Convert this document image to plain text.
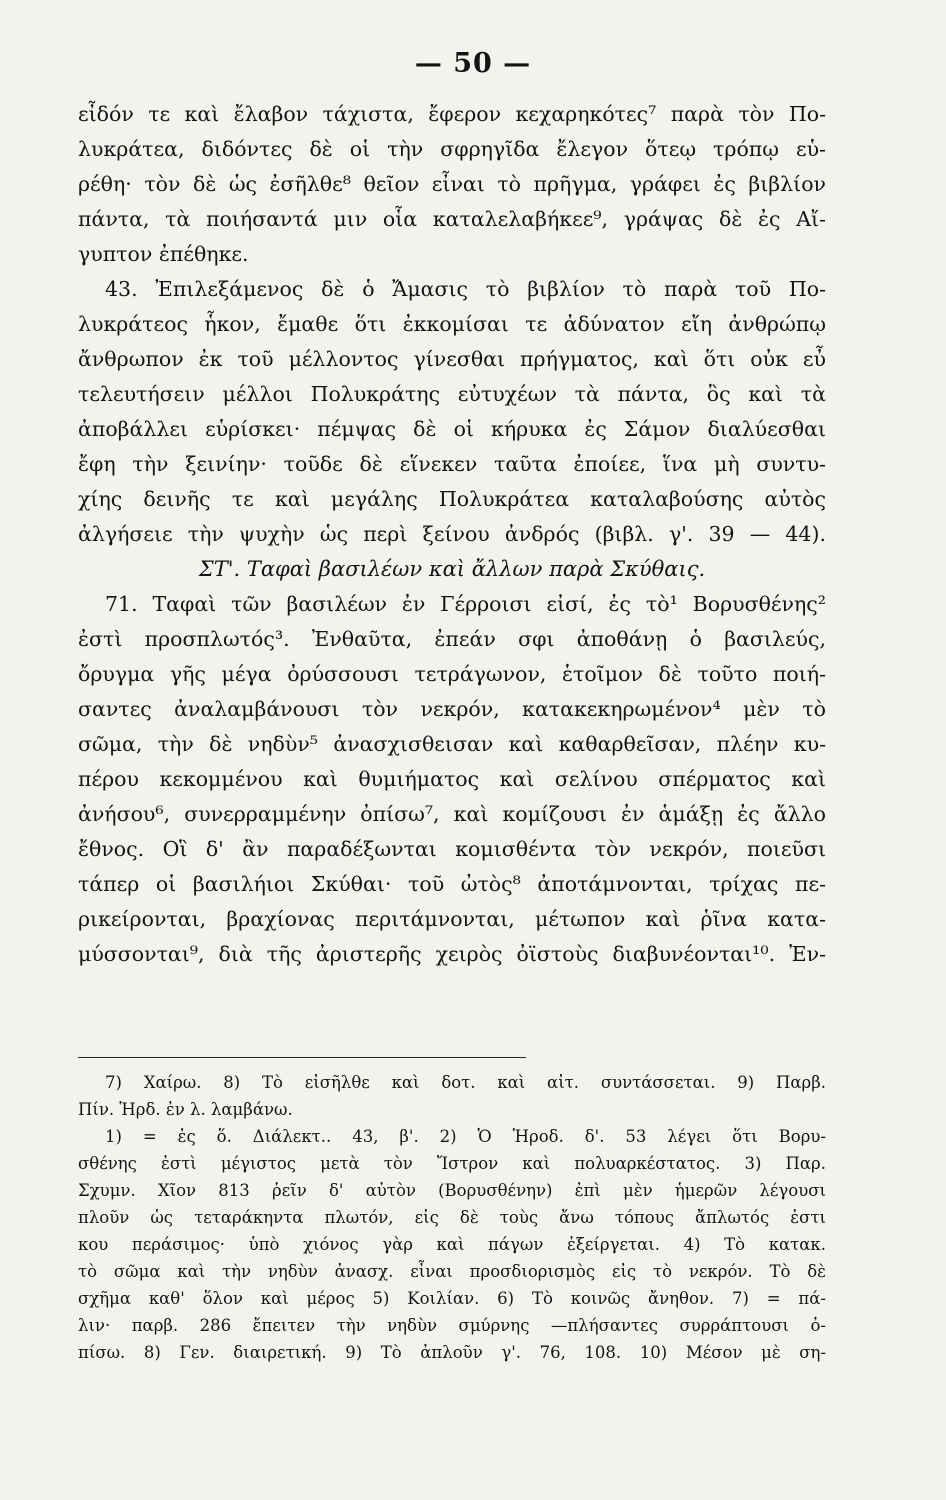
— 50 —
εἶδόν τε καὶ ἔλαβον τάχιστα, ἔφερον κεχαρηκότες⁷ παρὰ τὸν Πο-
λυκράτεα, διδόντες δὲ οἱ τὴν σφρηγῖδα ἔλεγον ὅτεῳ τρόπῳ εὑ-
ρέθη· τὸν δὲ ὡς ἐσῆλθε⁸ θεῖον εἶναι τὸ πρῆγμα, γράφει ἐς βιβλίον
πάντα, τὰ ποιήσαντά μιν οἷα καταλελαβήκεε⁹, γράψας δὲ ἐς Αἴ-
γυπτον ἐπέθηκε.
43. Ἐπιλεξάμενος δὲ ὁ Ἄμασις τὸ βιβλίον τὸ παρὰ τοῦ Πο-
λυκράτεος ἧκον, ἔμαθε ὅτι ἐκκομίσαι τε ἀδύνατον εἴη ἀνθρώπῳ
ἄνθρωπον ἐκ τοῦ μέλλοντος γίνεσθαι πρήγματος, καὶ ὅτι οὐκ εὖ
τελευτήσειν μέλλοι Πολυκράτης εὐτυχέων τὰ πάντα, ὃς καὶ τὰ
ἀποβάλλει εὑρίσκει· πέμψας δὲ οἱ κήρυκα ἐς Σάμον διαλύεσθαι
ἔφη τὴν ξεινίην· τοῦδε δὲ εἵνεκεν ταῦτα ἐποίεε, ἵνα μὴ συντυ-
χίης δεινῆς τε καὶ μεγάλης Πολυκράτεα καταλαβούσης αὐτὸς
ἀλγήσειε τὴν ψυχὴν ὡς περὶ ξείνου ἀνδρός (βιβλ. γ'. 39 — 44).
ΣΤ'. Ταφαὶ βασιλέων καὶ ἄλλων παρὰ Σκύθαις.
71. Ταφαὶ τῶν βασιλέων ἐν Γέρροισι εἰσί, ἐς τὸ¹ Βορυσθένης²
ἐστὶ προσπλωτός³. Ἐνθαῦτα, ἐπεάν σφι ἀποθάνῃ ὁ βασιλεύς,
ὄρυγμα γῆς μέγα ὀρύσσουσι τετράγωνον, ἑτοῖμον δὲ τοῦτο ποιή-
σαντες ἀναλαμβάνουσι τὸν νεκρόν, κατακεκηρωμένον⁴ μὲν τὸ
σῶμα, τὴν δὲ νηδὺν⁵ ἀνασχισθεισαν καὶ καθαρθεῖσαν, πλέην κυ-
πέρου κεκομμένου καὶ θυμιήματος καὶ σελίνου σπέρματος καὶ
ἀνήσου⁶, συνερραμμένην ὀπίσω⁷, καὶ κομίζουσι ἐν ἁμάξῃ ἐς ἄλλο
ἔθνος. Οἳ δ' ἂν παραδέξωνται κομισθέντα τὸν νεκρόν, ποιεῦσι
τάπερ οἱ βασιλήιοι Σκύθαι· τοῦ ὠτὸς⁸ ἀποτάμνονται, τρίχας πε-
ρικείρονται, βραχίονας περιτάμνονται, μέτωπον καὶ ῥῖνα κατα-
μύσσονται⁹, διὰ τῆς ἀριστερῆς χειρὸς ὀϊστοὺς διαβυνέονται¹⁰. Ἐν-
7) Χαίρω. 8) Τὸ εἰσῆλθε καὶ δοτ. καὶ αἰτ. συντάσσεται. 9) Παρβ.
Πίν. Ἡρδ. ἐν λ. λαμβάνω.
1) = ἐς ὅ. Διάλεκτ.. 43, β'. 2) Ὁ Ἡροδ. δ'. 53 λέγει ὅτι Βορυ-
σθένης ἐστὶ μέγιστος μετὰ τὸν Ἴστρον καὶ πολυαρκέστατος. 3) Παρ.
Σχυμν. Χῖον 813 ῥεῖν δ' αὐτὸν (Βορυσθένην) ἐπὶ μὲν ἡμερῶν λέγουσι
πλοῦν ὡς τεταράκηντα πλωτόν, εἰς δὲ τοὺς ἄνω τόπους ἄπλωτός ἐστι
κου περάσιμος· ὑπὸ χιόνος γὰρ καὶ πάγων ἐξείργεται. 4) Τὸ κατακ.
τὸ σῶμα καὶ τὴν νηδὺν ἀνασχ. εἶναι προσδιορισμὸς εἰς τὸ νεκρόν. Τὸ δὲ
σχῆμα καθ' ὅλον καὶ μέρος 5) Κοιλίαν. 6) Τὸ κοινῶς ἄνηθον. 7) = πά-
λιν· παρβ. 286 ἔπειτεν τὴν νηδὺν σμύρνης —πλήσαντες συρράπτουσι ὀ-
πίσω. 8) Γεν. διαιρετική. 9) Τὸ ἀπλοῦν γ'. 76, 108. 10) Μέσον μὲ ση-
